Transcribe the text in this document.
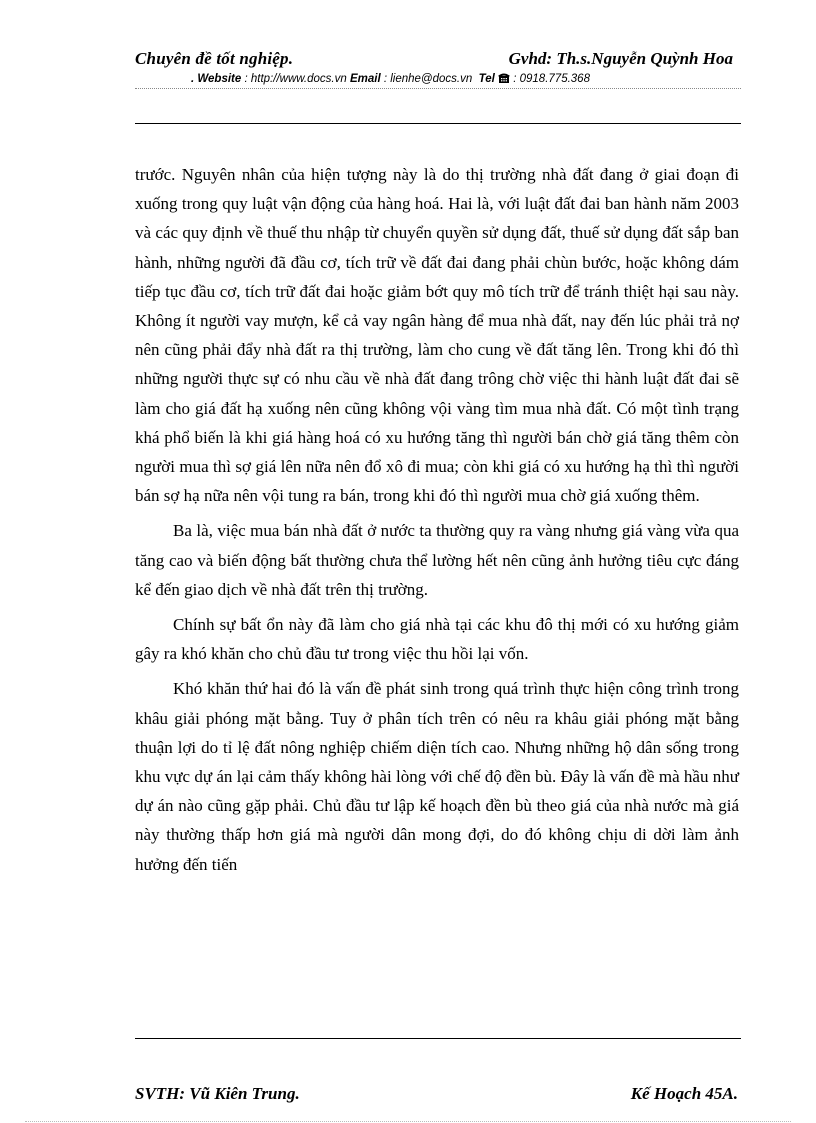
Chuyên đề tốt nghiệp.	Gvhd: Th.s.Nguyễn Quỳnh Hoa
. Website : http://www.docs.vn Email : lienhe@docs.vn Tel : 0918.775.368

trước. Nguyên nhân của hiện tượng này là do thị trường nhà đất đang ở giai đoạn đi xuống trong quy luật vận động của hàng hoá. Hai là, với luật đất đai ban hành năm 2003 và các quy định về thuế thu nhập từ chuyển quyền sử dụng đất, thuế sử dụng đất sắp ban hành, những người đã đầu cơ, tích trữ về đất đai đang phải chùn bước, hoặc không dám tiếp tục đầu cơ, tích trữ đất đai hoặc giảm bớt quy mô tích trữ để tránh thiệt hại sau này. Không ít người vay mượn, kể cả vay ngân hàng để mua nhà đất, nay đến lúc phải trả nợ nên cũng phải đẩy nhà đất ra thị trường, làm cho cung về đất tăng lên. Trong khi đó thì những người thực sự có nhu cầu về nhà đất đang trông chờ việc thi hành luật đất đai sẽ làm cho giá đất hạ xuống nên cũng không vội vàng tìm mua nhà đất. Có một tình trạng khá phổ biến là khi giá hàng hoá có xu hướng tăng thì người bán chờ giá tăng thêm còn người mua thì sợ giá lên nữa nên đổ xô đi mua; còn khi giá có xu hướng hạ thì thì người bán sợ hạ nữa nên vội tung ra bán, trong khi đó thì người mua chờ giá xuống thêm.

Ba là, việc mua bán nhà đất ở nước ta thường quy ra vàng nhưng giá vàng vừa qua tăng cao và biến động bất thường chưa thể lường hết nên cũng ảnh hưởng tiêu cực đáng kể đến giao dịch về nhà đất trên thị trường.

Chính sự bất ổn này đã làm cho giá nhà tại các khu đô thị mới có xu hướng giảm gây ra khó khăn cho chủ đầu tư trong việc thu hồi lại vốn.

Khó khăn thứ hai đó là vấn đề phát sinh trong quá trình thực hiện công trình trong khâu giải phóng mặt bằng. Tuy ở phân tích trên có nêu ra khâu giải phóng mặt bằng thuận lợi do tỉ lệ đất nông nghiệp chiếm diện tích cao. Nhưng những hộ dân sống trong khu vực dự án lại cảm thấy không hài lòng với chế độ đền bù. Đây là vấn đề mà hầu như dự án nào cũng gặp phải. Chủ đầu tư lập kế hoạch đền bù theo giá của nhà nước mà giá này thường thấp hơn giá mà người dân mong đợi, do đó không chịu di dời làm ảnh hưởng đến tiến

SVTH: Vũ Kiên Trung.	Kế Hoạch 45A.
